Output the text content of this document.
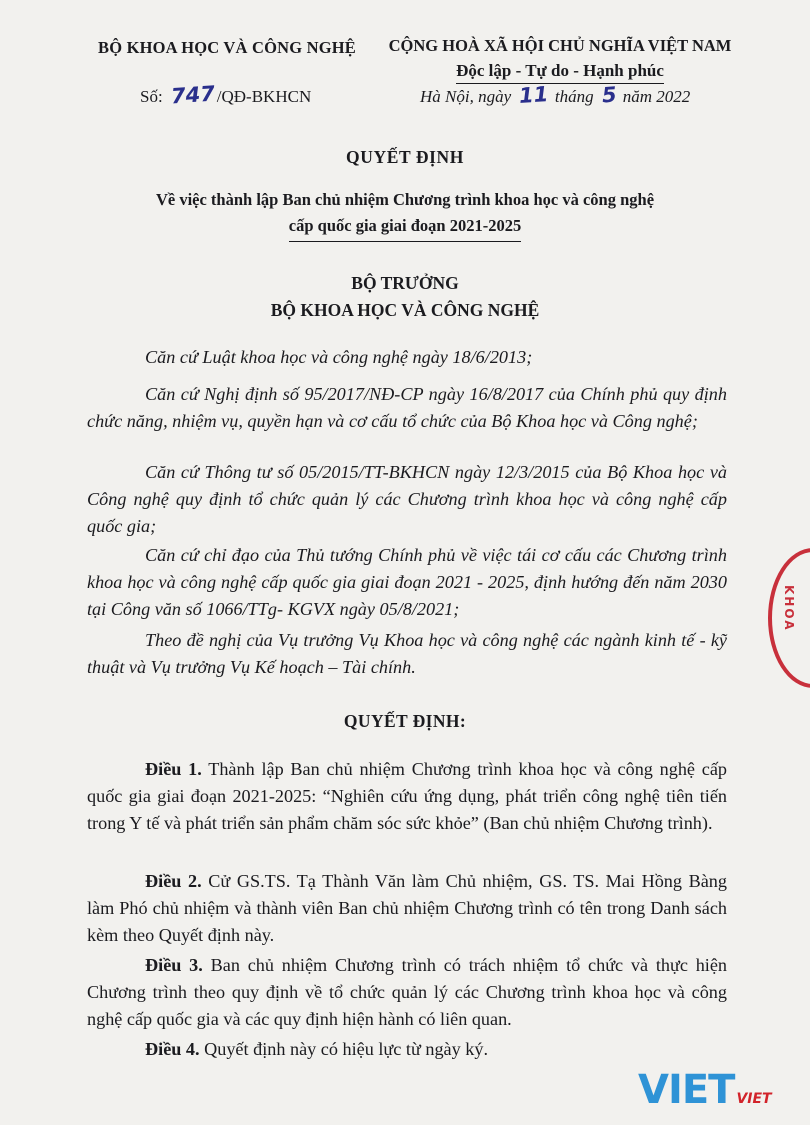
BỘ KHOA HỌC VÀ CÔNG NGHỆ CỘNG HOÀ XÃ HỘI CHỦ NGHĨA VIỆT NAM
Độc lập - Tự do - Hạnh phúc
Số: 747/QĐ-BKHCN	Hà Nội, ngày 11 tháng 5 năm 2022
QUYẾT ĐỊNH
Về việc thành lập Ban chủ nhiệm Chương trình khoa học và công nghệ
cấp quốc gia giai đoạn 2021-2025
BỘ TRƯỞNG
BỘ KHOA HỌC VÀ CÔNG NGHỆ

Căn cứ Luật khoa học và công nghệ ngày 18/6/2013;

Căn cứ Nghị định số 95/2017/NĐ-CP ngày 16/8/2017 của Chính phủ quy định chức năng, nhiệm vụ, quyền hạn và cơ cấu tổ chức của Bộ Khoa học và Công nghệ;

Căn cứ Thông tư số 05/2015/TT-BKHCN ngày 12/3/2015 của Bộ Khoa học và Công nghệ quy định tổ chức quản lý các Chương trình khoa học và công nghệ cấp quốc gia;

Căn cứ chỉ đạo của Thủ tướng Chính phủ về việc tái cơ cấu các Chương trình khoa học và công nghệ cấp quốc gia giai đoạn 2021 - 2025, định hướng đến năm 2030 tại Công văn số 1066/TTg- KGVX ngày 05/8/2021;

Theo đề nghị của Vụ trưởng Vụ Khoa học và công nghệ các ngành kinh tế - kỹ thuật và Vụ trưởng Vụ Kế hoạch – Tài chính.

QUYẾT ĐỊNH:

Điều 1. Thành lập Ban chủ nhiệm Chương trình khoa học và công nghệ cấp quốc gia giai đoạn 2021-2025: “Nghiên cứu ứng dụng, phát triển công nghệ tiên tiến trong Y tế và phát triển sản phẩm chăm sóc sức khỏe” (Ban chủ nhiệm Chương trình).

Điều 2. Cử GS.TS. Tạ Thành Văn làm Chủ nhiệm, GS. TS. Mai Hồng Bàng làm Phó chủ nhiệm và thành viên Ban chủ nhiệm Chương trình có tên trong Danh sách kèm theo Quyết định này.

Điều 3. Ban chủ nhiệm Chương trình có trách nhiệm tổ chức và thực hiện Chương trình theo quy định về tổ chức quản lý các Chương trình khoa học và công nghệ cấp quốc gia và các quy định hiện hành có liên quan.

Điều 4. Quyết định này có hiệu lực từ ngày ký.

KHOA
VIET VIET
